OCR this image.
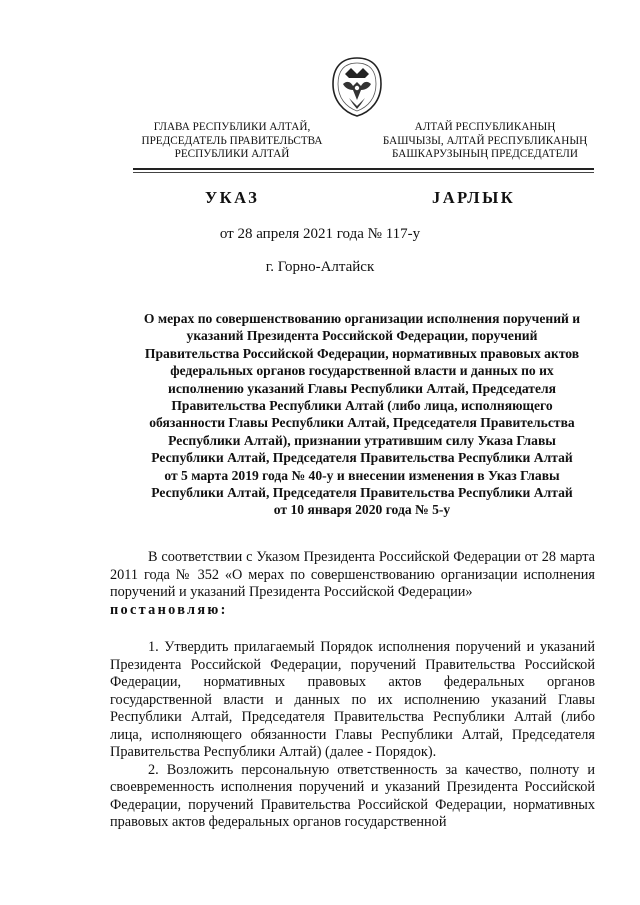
ГЛАВА РЕСПУБЛИКИ АЛТАЙ,
ПРЕДСЕДАТЕЛЬ ПРАВИТЕЛЬСТВА
РЕСПУБЛИКИ АЛТАЙ
АЛТАЙ РЕСПУБЛИКАНЫҢ
БАШЧЫЗЫ, АЛТАЙ РЕСПУБЛИКАНЫҢ
БАШКАРУЗЫНЫҢ ПРЕДСЕДАТЕЛИ
УКАЗ	ЈАРЛЫК
от 28 апреля 2021 года № 117-у
г. Горно-Алтайск
О мерах по совершенствованию организации исполнения поручений и
указаний Президента Российской Федерации, поручений
Правительства Российской Федерации, нормативных правовых актов
федеральных органов государственной власти и данных по их
исполнению указаний Главы Республики Алтай, Председателя
Правительства Республики Алтай (либо лица, исполняющего
обязанности Главы Республики Алтай, Председателя Правительства
Республики Алтай), признании утратившим силу Указа Главы
Республики Алтай, Председателя Правительства Республики Алтай
от 5 марта 2019 года № 40-у и внесении изменения в Указ Главы
Республики Алтай, Председателя Правительства Республики Алтай
от 10 января 2020 года № 5-у

В соответствии с Указом Президента Российской Федерации от 28 марта 2011 года № 352 «О мерах по совершенствованию организации исполнения поручений и указаний Президента Российской Федерации»

постановляю:

1. Утвердить прилагаемый Порядок исполнения поручений и указаний Президента Российской Федерации, поручений Правительства Российской Федерации, нормативных правовых актов федеральных органов государственной власти и данных по их исполнению указаний Главы Республики Алтай, Председателя Правительства Республики Алтай (либо лица, исполняющего обязанности Главы Республики Алтай, Председателя Правительства Республики Алтай) (далее - Порядок).

2. Возложить персональную ответственность за качество, полноту и своевременность исполнения поручений и указаний Президента Российской Федерации, поручений Правительства Российской Федерации, нормативных правовых актов федеральных органов государственной
